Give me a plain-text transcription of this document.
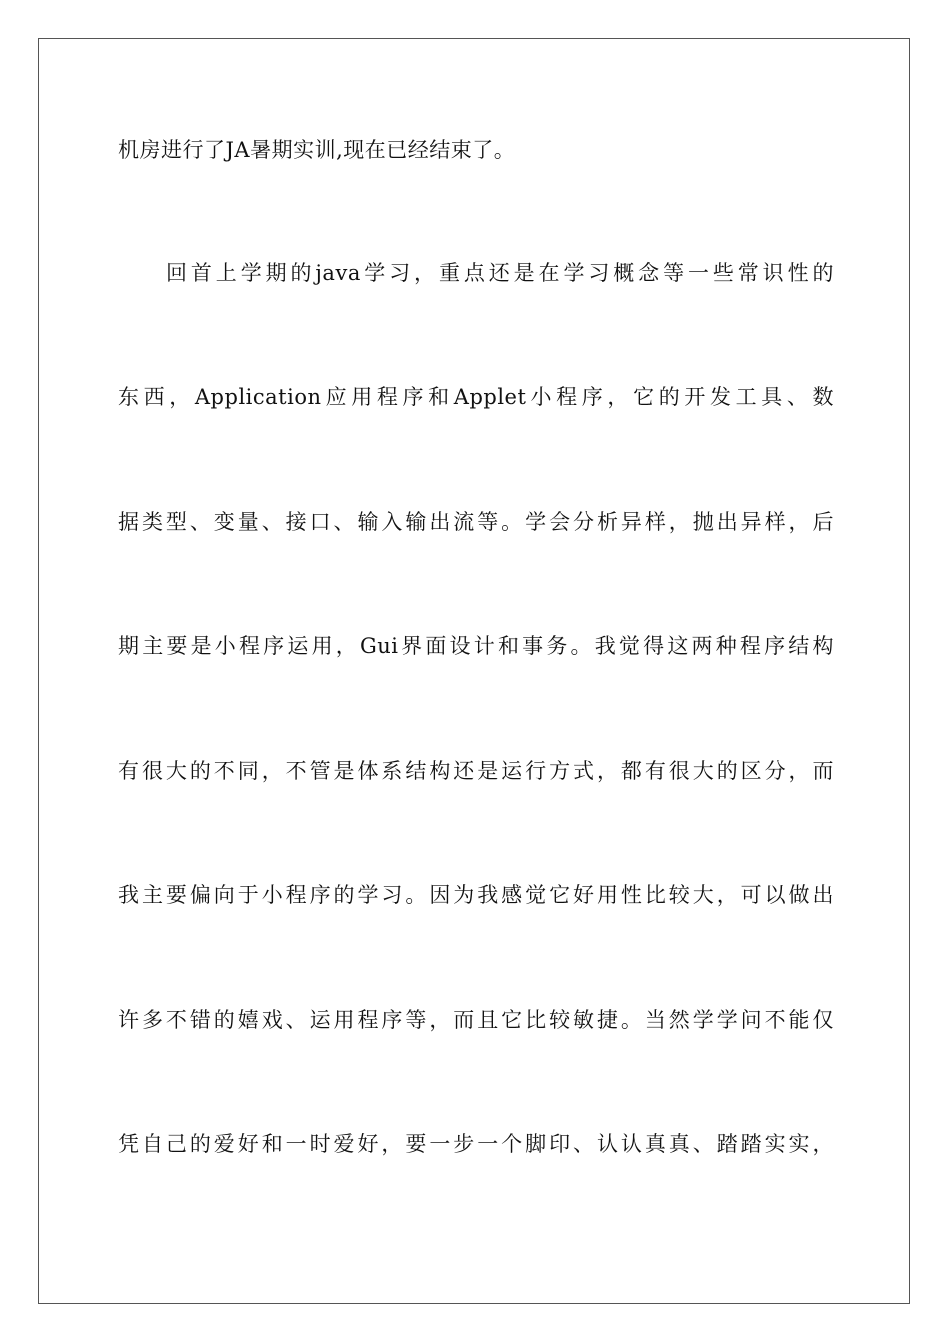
机房进行了JA暑期实训,现在已经结束了。
回首上学期的java学习，重点还是在学习概念等一些常识性的
东西，Application应用程序和Applet小程序，它的开发工具、数
据类型、变量、接口、输入输出流等。学会分析异样，抛出异样，后
期主要是小程序运用，Gui界面设计和事务。我觉得这两种程序结构
有很大的不同，不管是体系结构还是运行方式，都有很大的区分，而
我主要偏向于小程序的学习。因为我感觉它好用性比较大，可以做出
许多不错的嬉戏、运用程序等，而且它比较敏捷。当然学学问不能仅
凭自己的爱好和一时爱好，要一步一个脚印、认认真真、踏踏实实，
